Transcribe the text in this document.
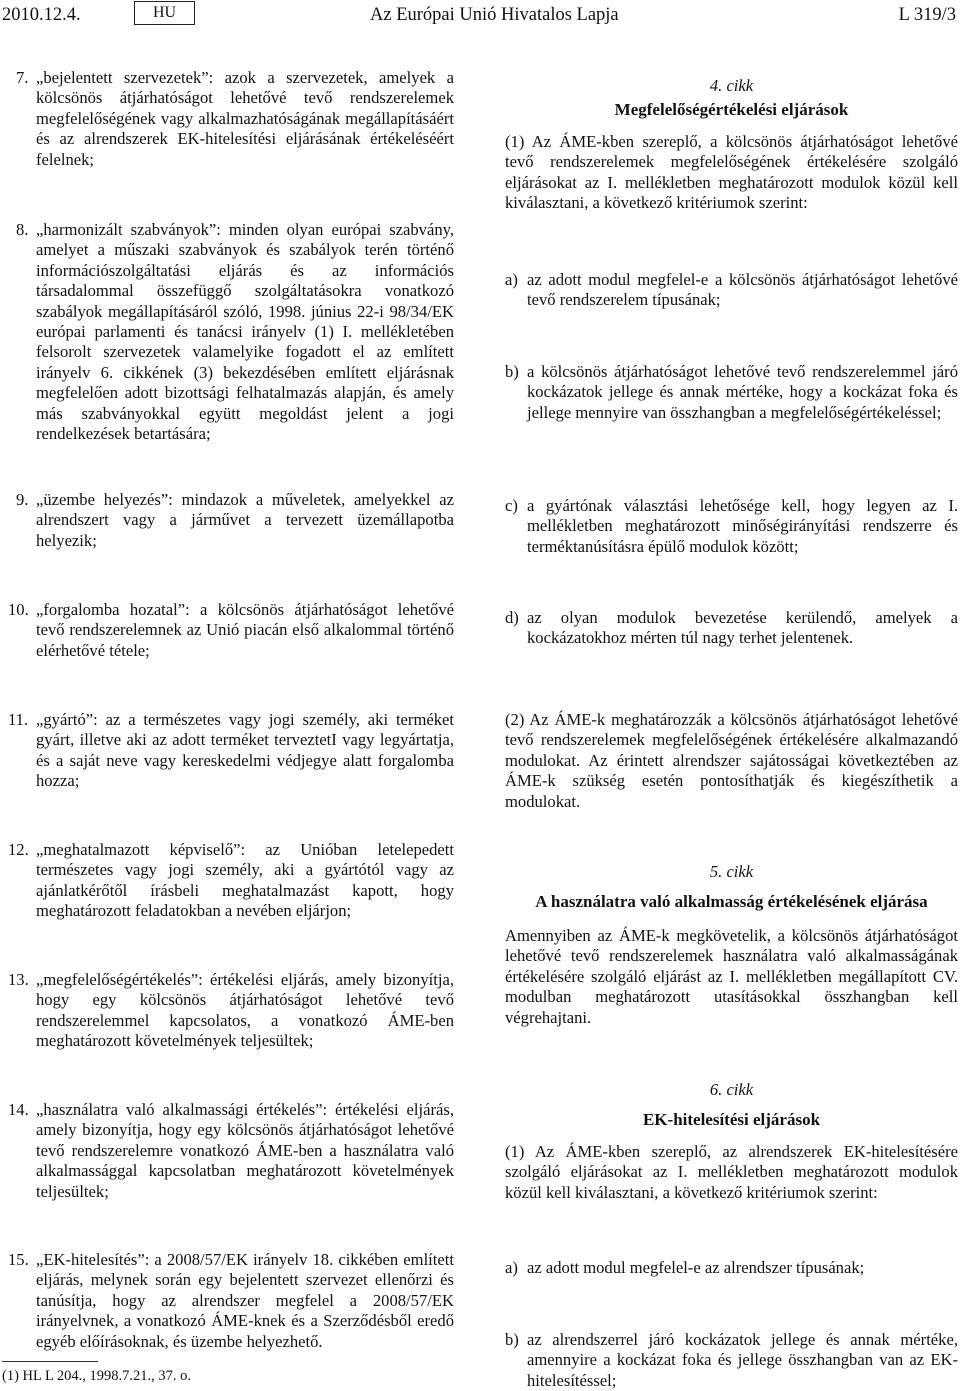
2010.12.4.	HU	Az Európai Unió Hivatalos Lapja	L 319/3
7. „bejelentett szervezetek”: azok a szervezetek, amelyek a kölcsönös átjárhatóságot lehetővé tevő rendszerelemek megfelelőségének vagy alkalmazhatóságának megállapításáért és az alrendszerek EK-hitelesítési eljárásának értékeléséért felelnek;

8. „harmonizált szabványok”: minden olyan európai szabvány, amelyet a műszaki szabványok és szabályok terén történő információszolgáltatási eljárás és az információs társadalommal összefüggő szolgáltatásokra vonatkozó szabályok megállapításáról szóló, 1998. június 22-i 98/34/EK európai parlamenti és tanácsi irányelv (1) I. mellékletében felsorolt szervezetek valamelyike fogadott el az említett irányelv 6. cikkének (3) bekezdésében említett eljárásnak megfelelően adott bizottsági felhatalmazás alapján, és amely más szabványokkal együtt megoldást jelent a jogi rendelkezések betartására;

9. „üzembe helyezés”: mindazok a műveletek, amelyekkel az alrendszert vagy a járművet a tervezett üzemállapotba helyezik;

10. „forgalomba hozatal”: a kölcsönös átjárhatóságot lehetővé tevő rendszerelemnek az Unió piacán első alkalommal történő elérhetővé tétele;

11. „gyártó”: az a természetes vagy jogi személy, aki terméket gyárt, illetve aki az adott terméket terveztetI vagy legyártatja, és a saját neve vagy kereskedelmi védjegye alatt forgalomba hozza;

12. „meghatalmazott képviselő”: az Unióban letelepedett természetes vagy jogi személy, aki a gyártótól vagy az ajánlatkérőtől írásbeli meghatalmazást kapott, hogy meghatározott feladatokban a nevében eljárjon;

13. „megfelelőségértékelés”: értékelési eljárás, amely bizonyítja, hogy egy kölcsönös átjárhatóságot lehetővé tevő rendszerelemmel kapcsolatos, a vonatkozó ÁME-ben meghatározott követelmények teljesültek;

14. „használatra való alkalmassági értékelés”: értékelési eljárás, amely bizonyítja, hogy egy kölcsönös átjárhatóságot lehetővé tevő rendszerelemre vonatkozó ÁME-ben a használatra való alkalmassággal kapcsolatban meghatározott követelmények teljesültek;

15. „EK-hitelesítés”: a 2008/57/EK irányelv 18. cikkében említett eljárás, melynek során egy bejelentett szervezet ellenőrzi és tanúsítja, hogy az alrendszer megfelel a 2008/57/EK irányelvnek, a vonatkozó ÁME-knek és a Szerződésből eredő egyéb előírásoknak, és üzembe helyezhető.

(1) HL L 204., 1998.7.21., 37. o.
4. cikk
Megfelelőségértékelési eljárások

(1) Az ÁME-kben szereplő, a kölcsönös átjárhatóságot lehetővé tevő rendszerelemek megfelelőségének értékelésére szolgáló eljárásokat az I. mellékletben meghatározott modulok közül kell kiválasztani, a következő kritériumok szerint:

a) az adott modul megfelel-e a kölcsönös átjárhatóságot lehetővé tevő rendszerelem típusának;

b) a kölcsönös átjárhatóságot lehetővé tevő rendszerelemmel járó kockázatok jellege és annak mértéke, hogy a kockázat foka és jellege mennyire van összhangban a megfelelőségértékeléssel;

c) a gyártónak választási lehetősége kell, hogy legyen az I. mellékletben meghatározott minőségirányítási rendszerre és terméktanúsításra épülő modulok között;

d) az olyan modulok bevezetése kerülendő, amelyek a kockázatokhoz mérten túl nagy terhet jelentenek.

(2) Az ÁME-k meghatározzák a kölcsönös átjárhatóságot lehetővé tevő rendszerelemek megfelelőségének értékelésére alkalmazandó modulokat. Az érintett alrendszer sajátosságai következtében az ÁME-k szükség esetén pontosíthatják és kiegészíthetik a modulokat.

5. cikk
A használatra való alkalmasság értékelésének eljárása

Amennyiben az ÁME-k megkövetelik, a kölcsönös átjárhatóságot lehetővé tevő rendszerelemek használatra való alkalmasságának értékelésére szolgáló eljárást az I. mellékletben megállapított CV. modulban meghatározott utasításokkal összhangban kell végrehajtani.

6. cikk
EK-hitelesítési eljárások

(1) Az ÁME-kben szereplő, az alrendszerek EK-hitelesítésére szolgáló eljárásokat az I. mellékletben meghatározott modulok közül kell kiválasztani, a következő kritériumok szerint:

a) az adott modul megfelel-e az alrendszer típusának;

b) az alrendszerrel járó kockázatok jellege és annak mértéke, amennyire a kockázat foka és jellege összhangban van az EK-hitelesítéssel;
